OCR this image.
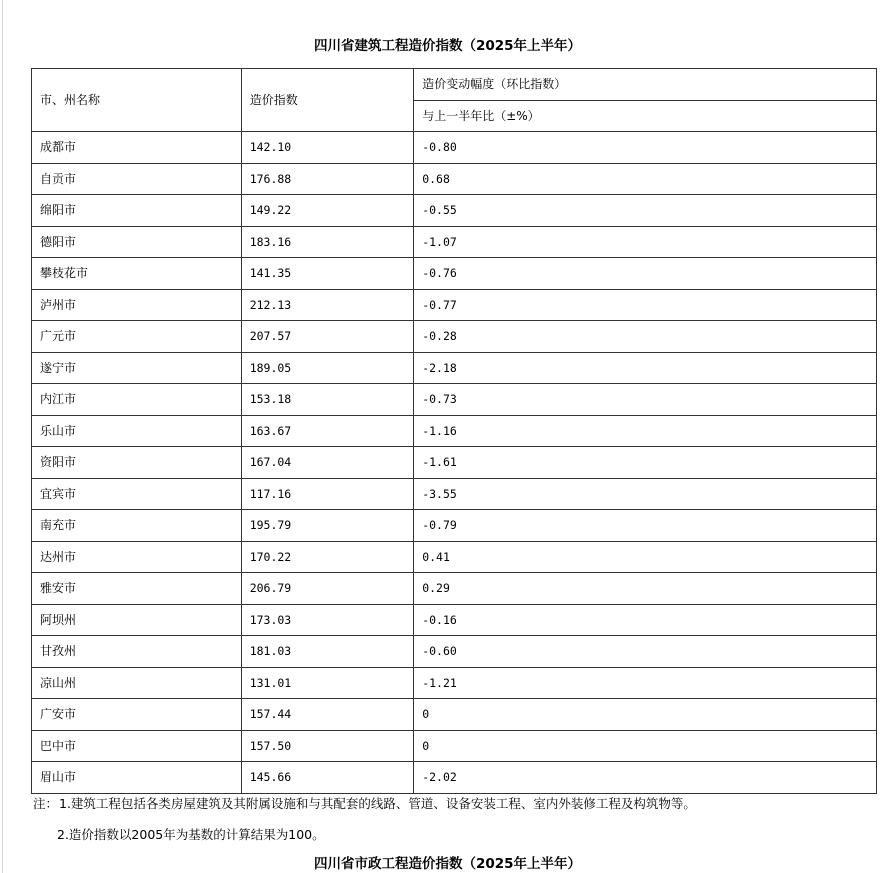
四川省建筑工程造价指数（2025年上半年）
市、州名称	造价指数	造价变动幅度（环比指数）
		与上一半年比（±%）
成都市	142.10	-0.80
自贡市	176.88	0.68
绵阳市	149.22	-0.55
德阳市	183.16	-1.07
攀枝花市	141.35	-0.76
泸州市	212.13	-0.77
广元市	207.57	-0.28
遂宁市	189.05	-2.18
内江市	153.18	-0.73
乐山市	163.67	-1.16
资阳市	167.04	-1.61
宜宾市	117.16	-3.55
南充市	195.79	-0.79
达州市	170.22	0.41
雅安市	206.79	0.29
阿坝州	173.03	-0.16
甘孜州	181.03	-0.60
凉山州	131.01	-1.21
广安市	157.44	0
巴中市	157.50	0
眉山市	145.66	-2.02
注：1.建筑工程包括各类房屋建筑及其附属设施和与其配套的线路、管道、设备安装工程、室内外装修工程及构筑物等。
2.造价指数以2005年为基数的计算结果为100。
四川省市政工程造价指数（2025年上半年）
